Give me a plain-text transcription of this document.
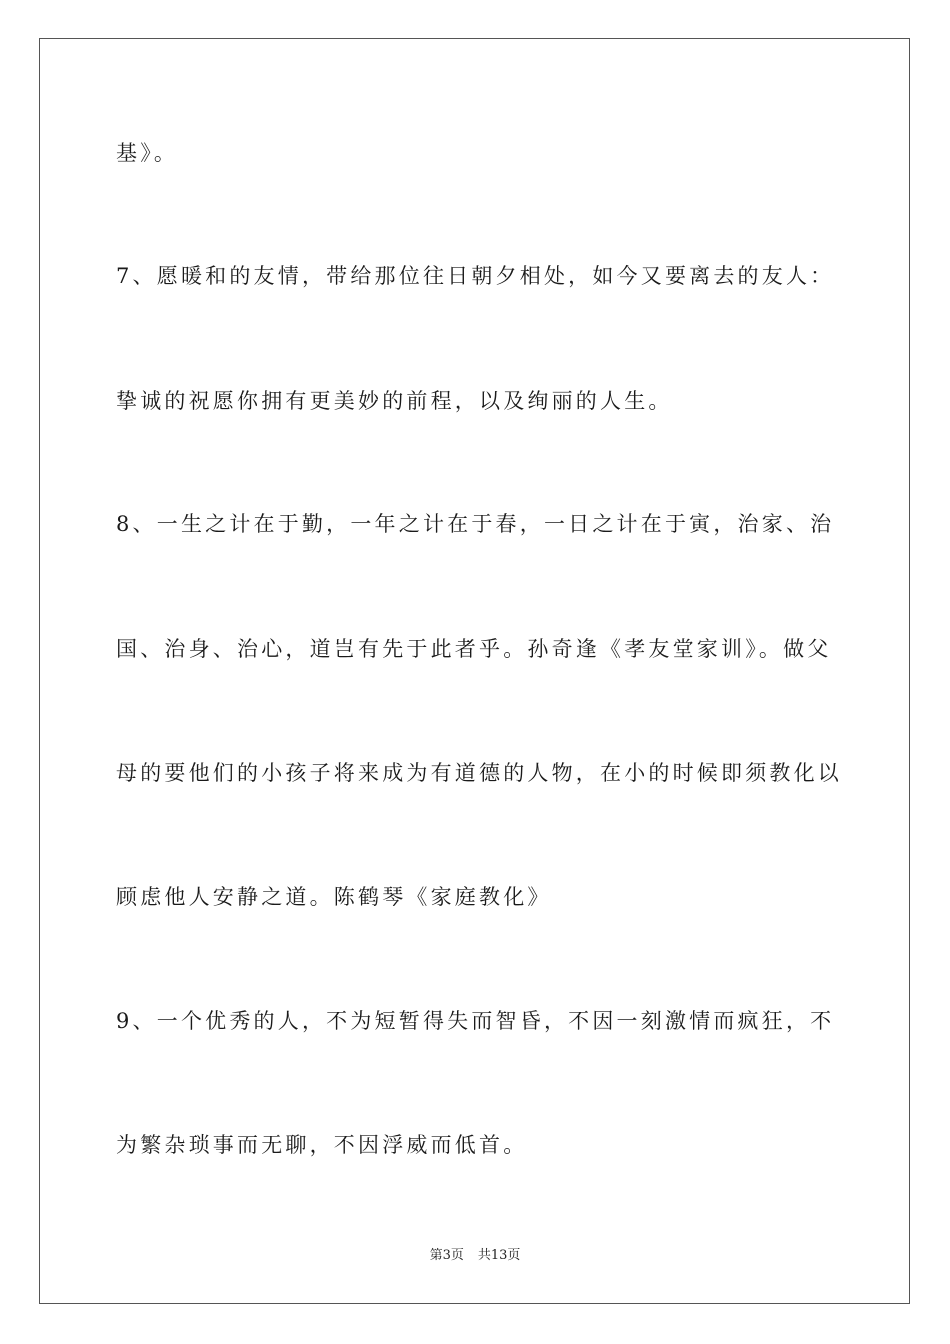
基》。
7、愿暖和的友情，带给那位往日朝夕相处，如今又要离去的友人：
挚诚的祝愿你拥有更美妙的前程，以及绚丽的人生。
8、一生之计在于勤，一年之计在于春，一日之计在于寅，治家、治
国、治身、治心，道岂有先于此者乎。孙奇逢《孝友堂家训》。做父
母的要他们的小孩子将来成为有道德的人物，在小的时候即须教化以
顾虑他人安静之道。陈鹤琴《家庭教化》
9、一个优秀的人，不为短暂得失而智昏，不因一刻激情而疯狂，不
为繁杂琐事而无聊，不因浮威而低首。
第3页 共13页
